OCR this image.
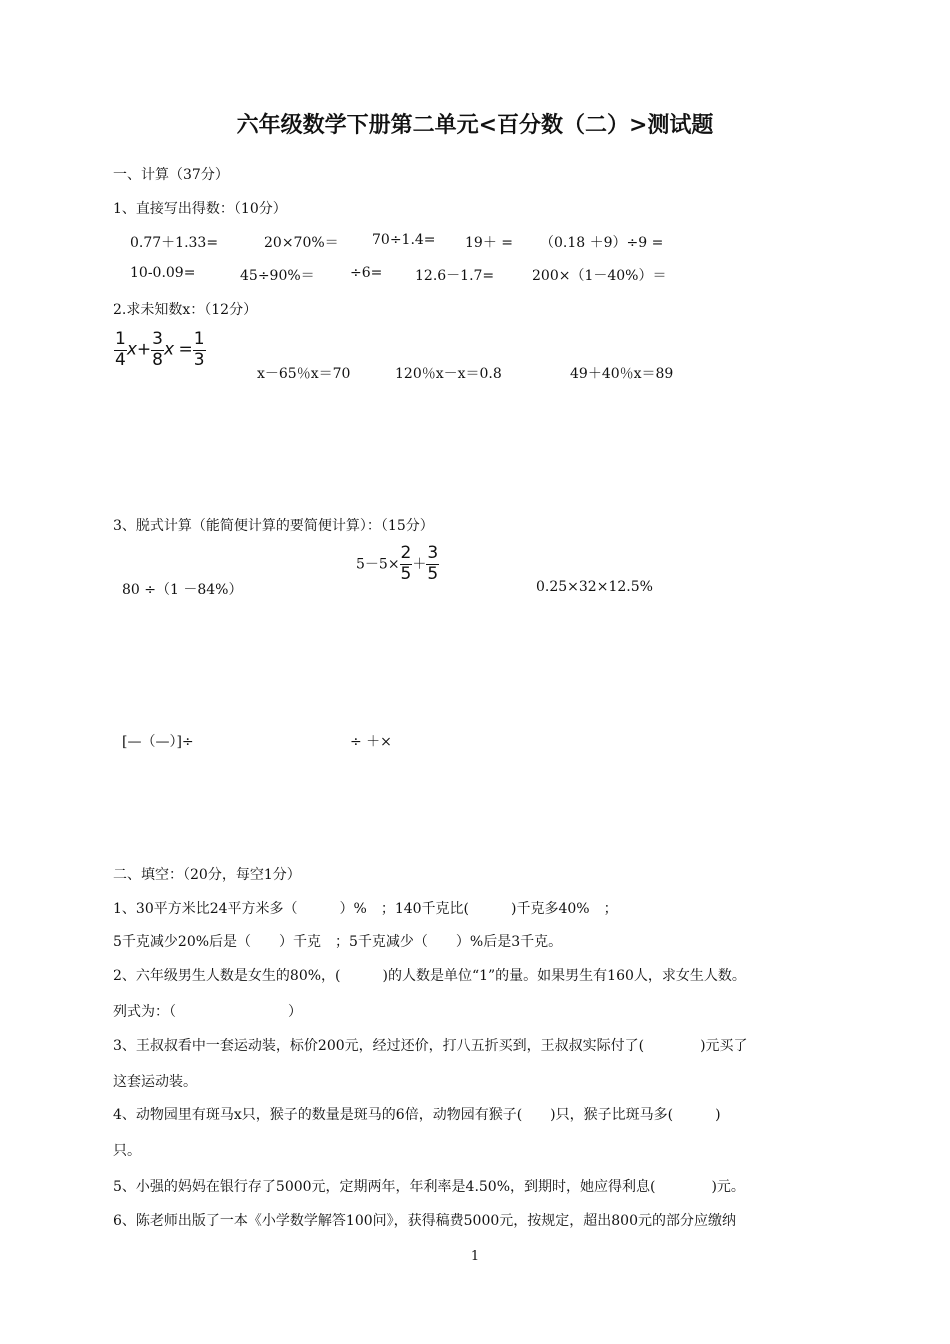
六年级数学下册第二单元<百分数（二）>测试题
一、计算（37分）
1、直接写出得数：（10分）
0.77＋1.33=	20×70%＝ 70÷1.4= 19＋ = （0.18 ＋9）÷9 =
10-0.09=	45÷90%＝	÷6= 12.6－1.7=	200×（1－40%）＝
2.求未知数x：（12分）
$\frac{1}{4} x+ \frac{3}{8}$ $x = \frac{1}{3}$
x－65％x＝70	120％x－x＝0.8	49＋40％x＝89
3、脱式计算（能简便计算的要简便计算）：（15分）
80 ÷（1 －84%）
$5-5\times \frac{2}{5} + \frac{3}{5}$
0.25×32×12.5%
[—（—）]÷	÷ ＋×
二、填空：（20分，每空1分）
1、30平方米比24平方米多（　　　）%　；140千克比(　　　)千克多40%　；
5千克减少20%后是（　　）千克　；5千克减少（　　）%后是3千克。
2、六年级男生人数是女生的80%，(　　　)的人数是单位“1”的量。如果男生有160人，求女生人数。
列式为：（　　　　　　　　）
3、王叔叔看中一套运动装，标价200元，经过还价，打八五折买到，王叔叔实际付了(　　　　)元买了
这套运动装。
4、动物园里有斑马x只，猴子的数量是斑马的6倍，动物园有猴子(　　)只，猴子比斑马多(　　　)
只。
5、小强的妈妈在银行存了5000元，定期两年，年利率是4.50%，到期时，她应得利息(　　　　)元。
6、陈老师出版了一本《小学数学解答100问》，获得稿费5000元，按规定，超出800元的部分应缴纳
1
